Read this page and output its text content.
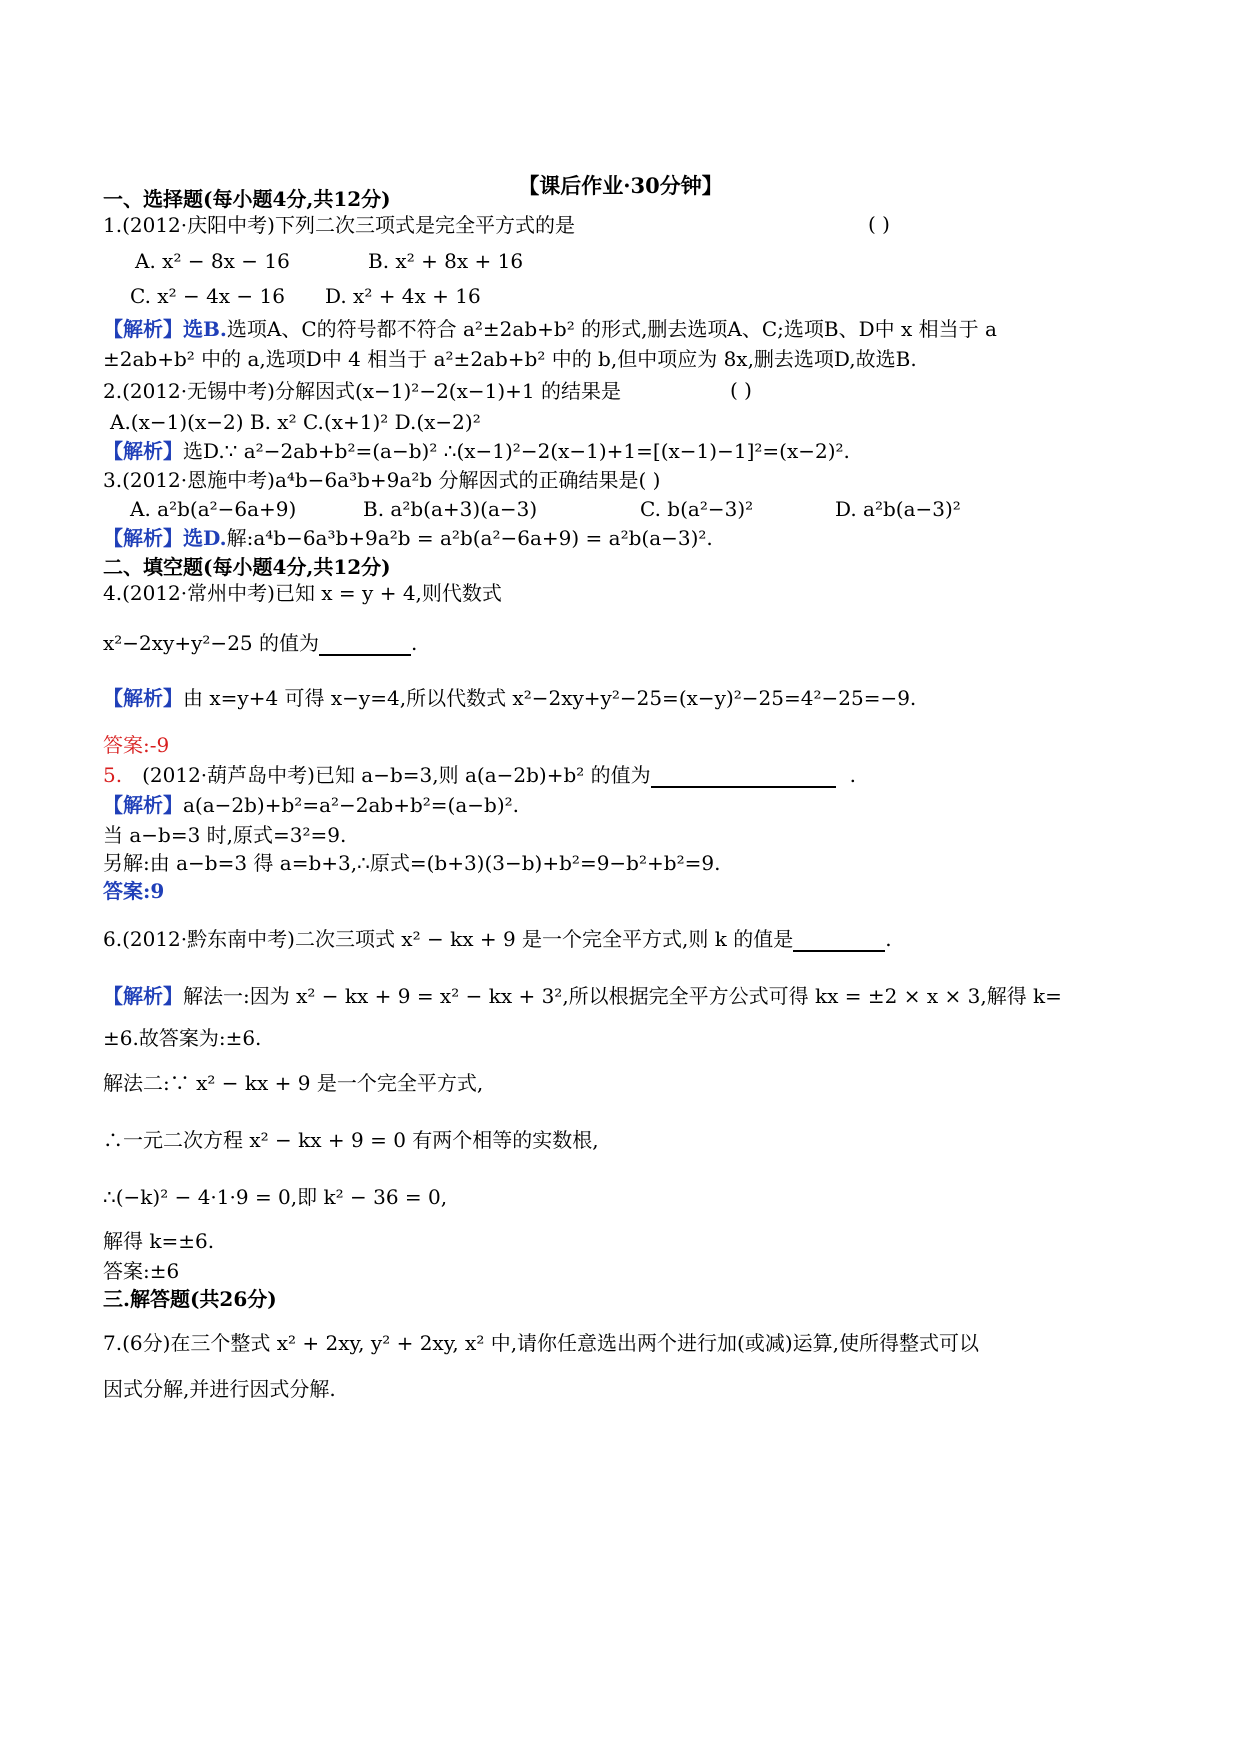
【课后作业·30分钟】
一、选择题(每小题4分,共12分)
1.(2012·庆阳中考)下列二次三项式是完全平方式的是	( )
A. x² − 8x − 16	B. x² + 8x + 16
C. x² − 4x − 16 D. x² + 4x + 16
【解析】选B.选项A、C的符号都不符合 a²±2ab+b² 的形式,删去选项A、C;选项B、D中 x 相当于 a
±2ab+b² 中的 a,选项D中 4 相当于 a²±2ab+b² 中的 b,但中项应为 8x,删去选项D,故选B.
2.(2012·无锡中考)分解因式(x−1)²−2(x−1)+1 的结果是	( )
A.(x−1)(x−2) B. x² C.(x+1)² D.(x−2)²
【解析】选D.∵ a²−2ab+b²=(a−b)² ∴(x−1)²−2(x−1)+1=[(x−1)−1]²=(x−2)².
3.(2012·恩施中考)a⁴b−6a³b+9a²b 分解因式的正确结果是( )
A. a²b(a²−6a+9)	B. a²b(a+3)(a−3)	C. b(a²−3)²	D. a²b(a−3)²
【解析】选D.解:a⁴b−6a³b+9a²b = a²b(a²−6a+9) = a²b(a−3)².
二、填空题(每小题4分,共12分)
4.(2012·常州中考)已知 x = y + 4,则代数式
x²−2xy+y²−25 的值为	.
【解析】由 x=y+4 可得 x−y=4,所以代数式 x²−2xy+y²−25=(x−y)²−25=4²−25=−9.
答案:-9
5. (2012·葫芦岛中考)已知 a−b=3,则 a(a−2b)+b² 的值为	.
【解析】a(a−2b)+b²=a²−2ab+b²=(a−b)².
当 a−b=3 时,原式=3²=9.
另解:由 a−b=3 得 a=b+3,∴原式=(b+3)(3−b)+b²=9−b²+b²=9.
答案:9
6.(2012·黔东南中考)二次三项式 x² − kx + 9 是一个完全平方式,则 k 的值是	.
【解析】解法一:因为 x² − kx + 9 = x² − kx + 3²,所以根据完全平方公式可得 kx = ±2 × x × 3,解得 k=
±6.故答案为:±6.
解法二:∵ x² − kx + 9 是一个完全平方式,
∴一元二次方程 x² − kx + 9 = 0 有两个相等的实数根,
∴(−k)² − 4·1·9 = 0,即 k² − 36 = 0,
解得 k=±6.
答案:±6
三.解答题(共26分)
7.(6分)在三个整式 x² + 2xy, y² + 2xy, x² 中,请你任意选出两个进行加(或减)运算,使所得整式可以
因式分解,并进行因式分解.
